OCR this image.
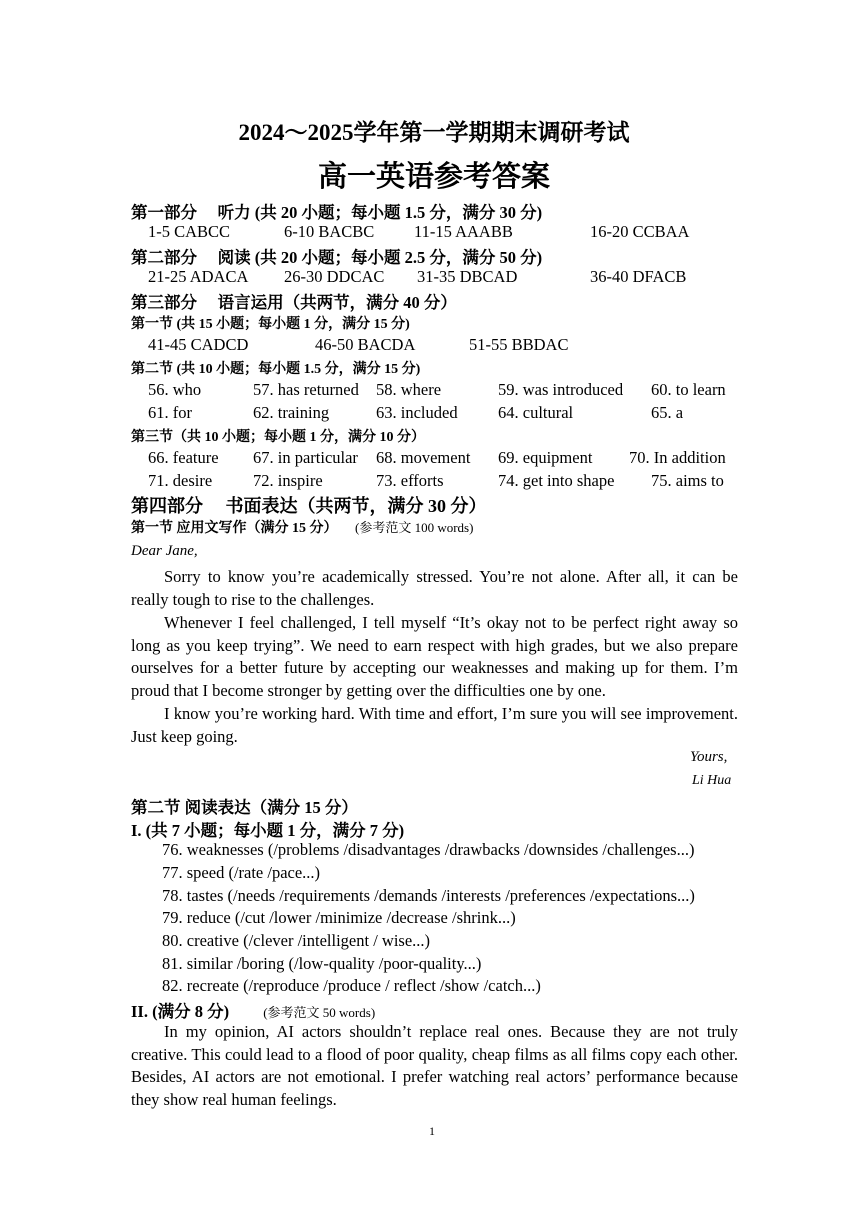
2024～2025学年第一学期期末调研考试
高一英语参考答案
第一部分　 听力 (共 20 小题；每小题 1.5 分，满分 30 分)
1-5 CABCC	6-10 BACBC 11-15 AAABB	16-20 CCBAA
第二部分　 阅读 (共 20 小题；每小题 2.5 分，满分 50 分)
21-25 ADACA 26-30 DDCAC 31-35 DBCAD	36-40 DFACB
第三部分　 语言运用（共两节，满分 40 分）
第一节 (共 15 小题；每小题 1 分，满分 15 分)
41-45 CADCD	46-50 BACDA	51-55 BBDAC
第二节 (共 10 小题；每小题 1.5 分，满分 15 分)
56. who	57. has returned 58. where	59. was introduced 60. to learn
61. for	62. training	63. included 64. cultural	65. a
第三节（共 10 小题；每小题 1 分，满分 10 分）
66. feature 67. in particular 68. movement 69. equipment 70. In addition
71. desire 72. inspire	73. efforts	74. get into shape 75. aims to
第四部分　 书面表达（共两节，满分 30 分）
第一节 应用文写作（满分 15 分） (参考范文 100 words)
Dear Jane,
Sorry to know you’re academically stressed. You’re not alone. After all, it can be really tough to rise to the challenges.
Whenever I feel challenged, I tell myself “It’s okay not to be perfect right away so long as you keep trying”. We need to earn respect with high grades, but we also prepare ourselves for a better future by accepting our weaknesses and making up for them. I’m proud that I become stronger by getting over the difficulties one by one.
I know you’re working hard. With time and effort, I’m sure you will see improvement. Just keep going.
Yours,
Li Hua
第二节 阅读表达（满分 15 分）
I. (共 7 小题；每小题 1 分，满分 7 分)
76. weaknesses (/problems /disadvantages /drawbacks /downsides /challenges...)
77. speed (/rate /pace...)
78. tastes (/needs /requirements /demands /interests /preferences /expectations...)
79. reduce (/cut /lower /minimize /decrease /shrink...)
80. creative (/clever /intelligent / wise...)
81. similar /boring (/low-quality /poor-quality...)
82. recreate (/reproduce /produce / reflect /show /catch...)
II. (满分 8 分)	(参考范文 50 words)
In my opinion, AI actors shouldn’t replace real ones. Because they are not truly creative. This could lead to a flood of poor quality, cheap films as all films copy each other. Besides, AI actors are not emotional. I prefer watching real actors’ performance because they show real human feelings.
1
